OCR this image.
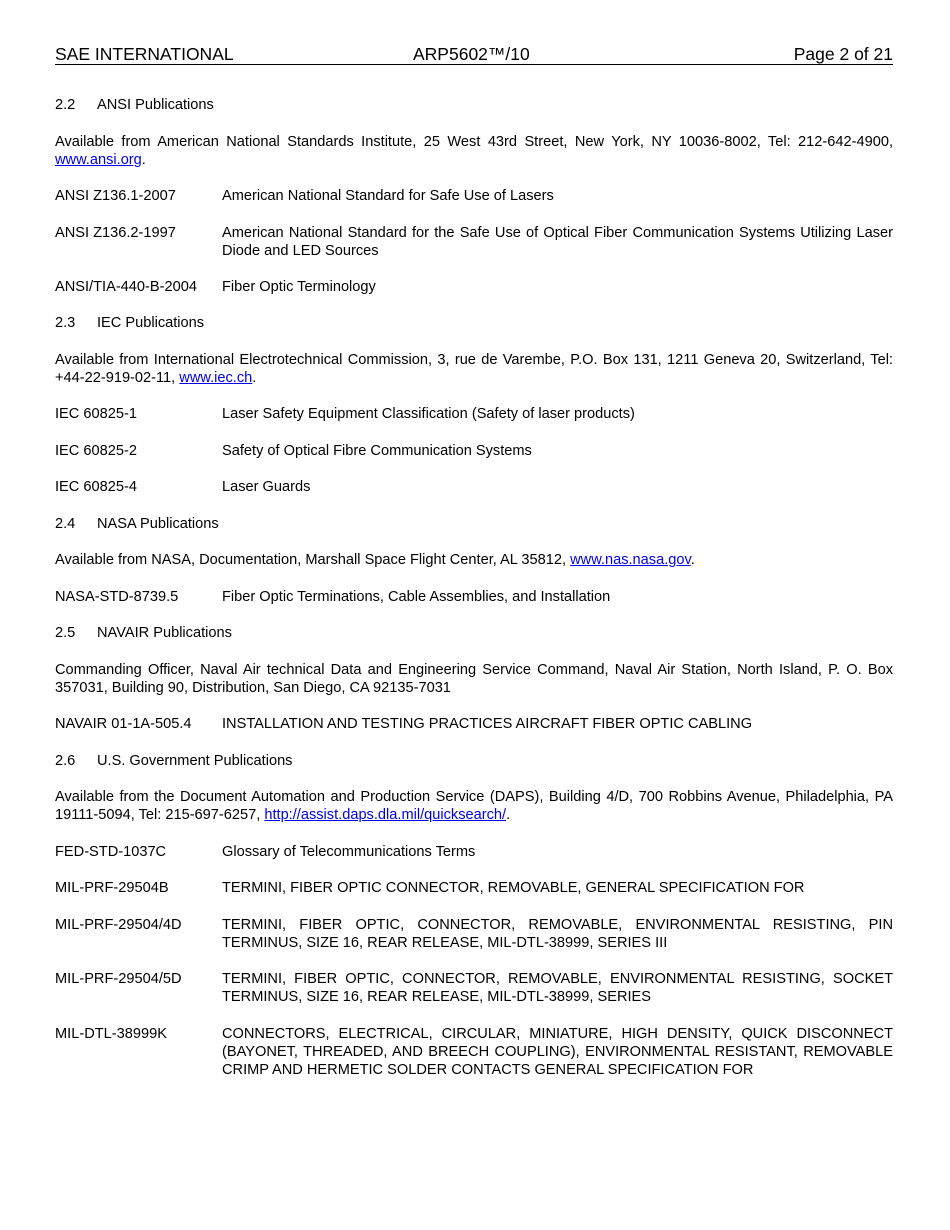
SAE INTERNATIONAL	ARP5602™/10	Page 2 of 21
2.2 ANSI Publications
Available from American National Standards Institute, 25 West 43rd Street, New York, NY 10036-8002, Tel: 212-642-4900, www.ansi.org.
ANSI Z136.1-2007	American National Standard for Safe Use of Lasers
ANSI Z136.2-1997	American National Standard for the Safe Use of Optical Fiber Communication Systems Utilizing Laser Diode and LED Sources
ANSI/TIA-440-B-2004	Fiber Optic Terminology
2.3 IEC Publications
Available from International Electrotechnical Commission, 3, rue de Varembe, P.O. Box 131, 1211 Geneva 20, Switzerland, Tel: +44-22-919-02-11, www.iec.ch.
IEC 60825-1	Laser Safety Equipment Classification (Safety of laser products)
IEC 60825-2	Safety of Optical Fibre Communication Systems
IEC 60825-4	Laser Guards
2.4 NASA Publications
Available from NASA, Documentation, Marshall Space Flight Center, AL 35812, www.nas.nasa.gov.
NASA-STD-8739.5	Fiber Optic Terminations, Cable Assemblies, and Installation
2.5 NAVAIR Publications
Commanding Officer, Naval Air technical Data and Engineering Service Command, Naval Air Station, North Island, P. O. Box 357031, Building 90, Distribution, San Diego, CA 92135-7031
NAVAIR 01-1A-505.4	INSTALLATION AND TESTING PRACTICES AIRCRAFT FIBER OPTIC CABLING
2.6 U.S. Government Publications
Available from the Document Automation and Production Service (DAPS), Building 4/D, 700 Robbins Avenue, Philadelphia, PA 19111-5094, Tel: 215-697-6257, http://assist.daps.dla.mil/quicksearch/.
FED-STD-1037C	Glossary of Telecommunications Terms
MIL-PRF-29504B	TERMINI, FIBER OPTIC CONNECTOR, REMOVABLE, GENERAL SPECIFICATION FOR
MIL-PRF-29504/4D	TERMINI, FIBER OPTIC, CONNECTOR, REMOVABLE, ENVIRONMENTAL RESISTING, PIN TERMINUS, SIZE 16, REAR RELEASE, MIL-DTL-38999, SERIES III
MIL-PRF-29504/5D	TERMINI, FIBER OPTIC, CONNECTOR, REMOVABLE, ENVIRONMENTAL RESISTING, SOCKET TERMINUS, SIZE 16, REAR RELEASE, MIL-DTL-38999, SERIES
MIL-DTL-38999K	CONNECTORS, ELECTRICAL, CIRCULAR, MINIATURE, HIGH DENSITY, QUICK DISCONNECT (BAYONET, THREADED, AND BREECH COUPLING), ENVIRONMENTAL RESISTANT, REMOVABLE CRIMP AND HERMETIC SOLDER CONTACTS GENERAL SPECIFICATION FOR
